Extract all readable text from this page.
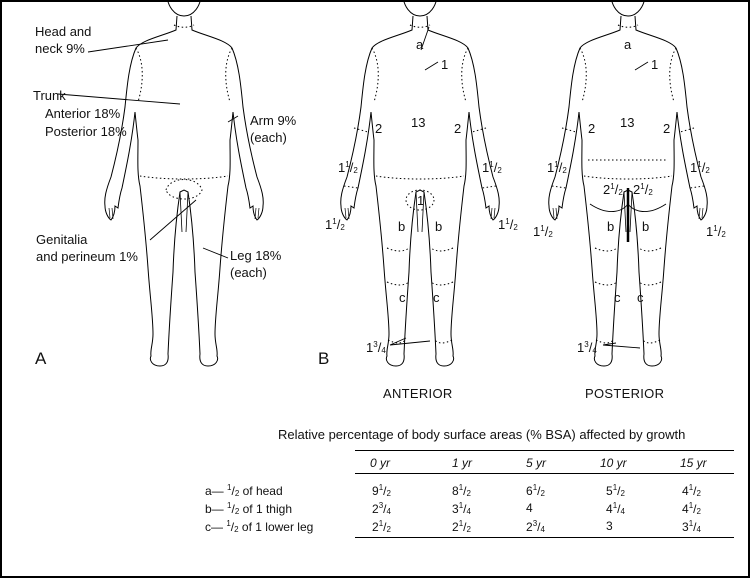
Head and
neck 9%
Trunk
Anterior 18%
Posterior 18%
Arm 9%
(each)
Genitalia
and perineum 1%	Leg 18%
(each)
A	B
ANTERIOR	POSTERIOR
a
1
13
2	2
$1^1/_2$	$1^1/_2$
$1^1/_2$	$1^1/_2$
1
b b
c c
$1^3/_4$
a
1
13
2	2
$1^1/_2$	$1^1/_2$
$1^1/_2$	$1^1/_2$
$2^1/_2$ $2^1/_2$
b b
c c
$1^3/_4$
Relative percentage of body surface areas (% BSA) affected by growth
0 yr	1 yr	5 yr	10 yr	15 yr
a— $^1/_2$ of head	$9^1/_2$	$8^1/_2$	$6^1/_2$	$5^1/_2$	$4^1/_2$
b— $^1/_2$ of 1 thigh	$2^3/_4$	$3^1/_4$	4	$4^1/_4$	$4^1/_2$
c— $^1/_2$ of 1 lower leg	$2^1/_2$	$2^1/_2$	$2^3/_4$	3	$3^1/_4$
